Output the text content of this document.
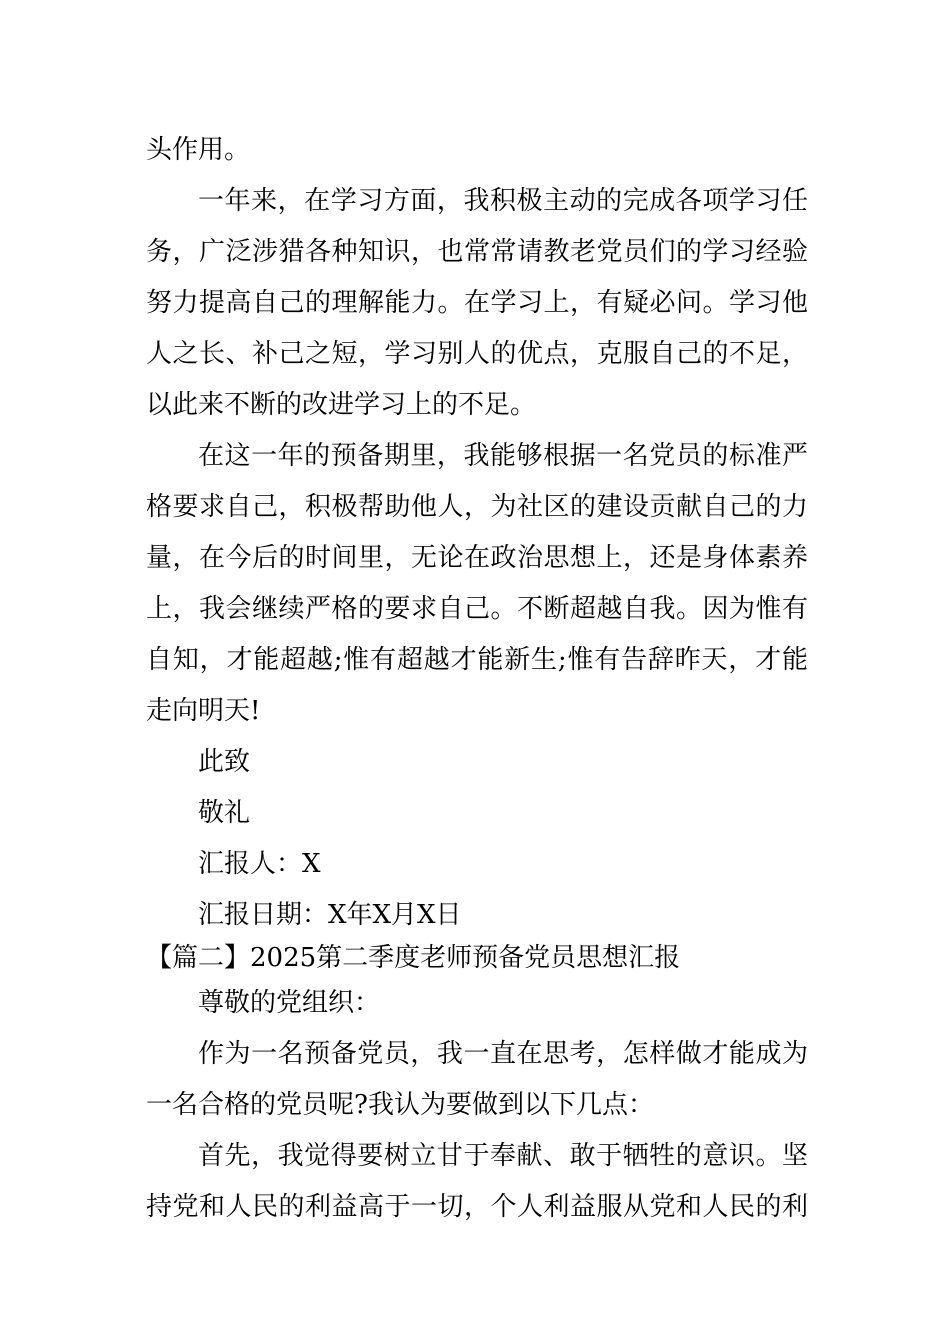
头作用。
一年来，在学习方面，我积极主动的完成各项学习任
务，广泛涉猎各种知识，也常常请教老党员们的学习经验
努力提高自己的理解能力。在学习上，有疑必问。学习他
人之长、补己之短，学习别人的优点，克服自己的不足，
以此来不断的改进学习上的不足。
在这一年的预备期里，我能够根据一名党员的标准严
格要求自己，积极帮助他人，为社区的建设贡献自己的力
量，在今后的时间里，无论在政治思想上，还是身体素养
上，我会继续严格的要求自己。不断超越自我。因为惟有
自知，才能超越;惟有超越才能新生;惟有告辞昨天，才能
走向明天!
此致
敬礼
汇报人：X
汇报日期：X年X月X日
【篇二】2025第二季度老师预备党员思想汇报
尊敬的党组织：
作为一名预备党员，我一直在思考，怎样做才能成为
一名合格的党员呢?我认为要做到以下几点：
首先，我觉得要树立甘于奉献、敢于牺牲的意识。坚
持党和人民的利益高于一切，个人利益服从党和人民的利
